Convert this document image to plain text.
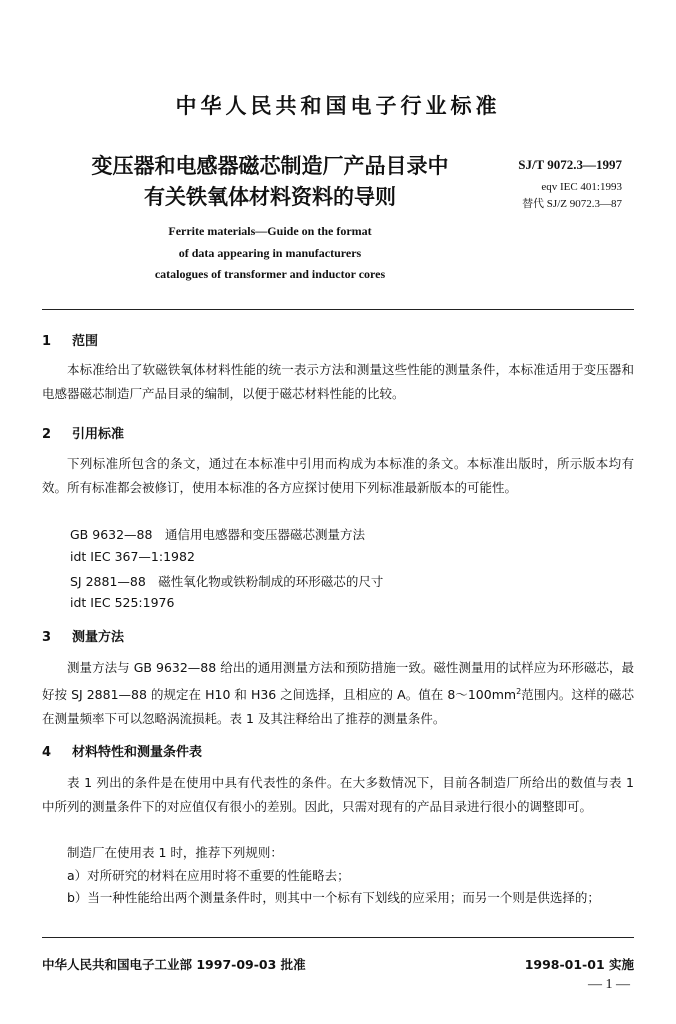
中华人民共和国电子行业标准
变压器和电感器磁芯制造厂产品目录中
有关铁氧体材料资料的导则
SJ/T 9072.3—1997
eqv IEC 401:1993
替代 SJ/Z 9072.3—87
Ferrite materials—Guide on the format
of data appearing in manufacturers
catalogues of transformer and inductor cores
1 范围
本标准给出了软磁铁氧体材料性能的统一表示方法和测量这些性能的测量条件，本标准适用于变压器和电感器磁芯制造厂产品目录的编制，以便于磁芯材料性能的比较。
2 引用标准
下列标准所包含的条文，通过在本标准中引用而构成为本标准的条文。本标准出版时，所示版本均有效。所有标准都会被修订，使用本标准的各方应探讨使用下列标准最新版本的可能性。
GB 9632—88　通信用电感器和变压器磁芯测量方法
idt IEC 367—1:1982
SJ 2881—88　磁性氧化物或铁粉制成的环形磁芯的尺寸
idt IEC 525:1976
3 测量方法
测量方法与 GB 9632—88 给出的通用测量方法和预防措施一致。磁性测量用的试样应为环形磁芯，最好按 SJ 2881—88 的规定在 H10 和 H36 之间选择，且相应的 A。值在 $8\sim 100mm^2$范围内。这样的磁芯在测量频率下可以忽略涡流损耗。表 1 及其注释给出了推荐的测量条件。
4 材料特性和测量条件表
表 1 列出的条件是在使用中具有代表性的条件。在大多数情况下，目前各制造厂所给出的数值与表 1 中所列的测量条件下的对应值仅有很小的差别。因此，只需对现有的产品目录进行很小的调整即可。
制造厂在使用表 1 时，推荐下列规则：
a）对所研究的材料在应用时将不重要的性能略去；
b）当一种性能给出两个测量条件时，则其中一个标有下划线的应采用；而另一个则是供选择的；
中华人民共和国电子工业部 1997-09-03 批准	1998-01-01 实施
— 1 —
